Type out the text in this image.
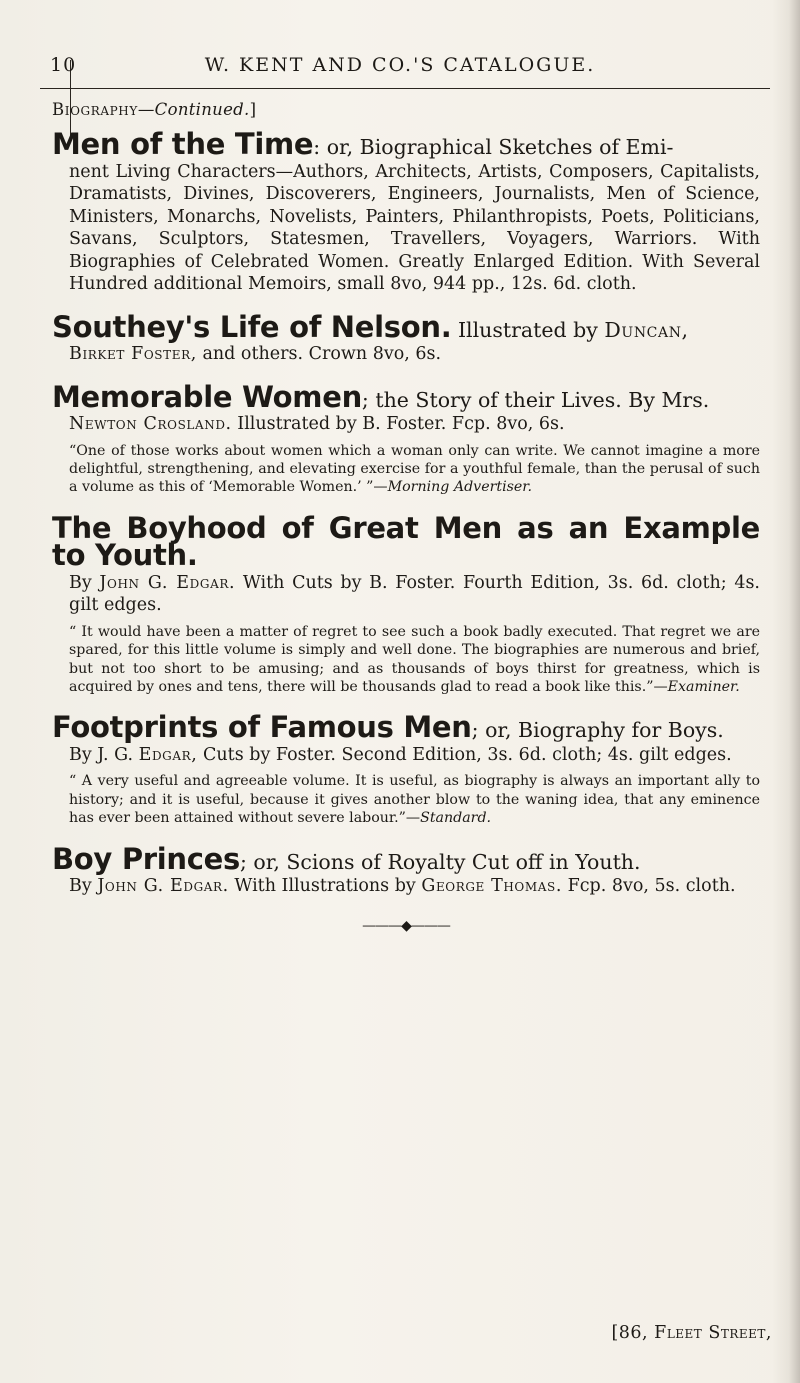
10	W. KENT AND CO.'S CATALOGUE.

Biography—Continued.]

Men of the Time: or, Biographical Sketches of Emi-

nent Living Characters—Authors, Architects, Artists, Composers, Capitalists, Dramatists, Divines, Discoverers, Engineers, Journalists, Men of Science, Ministers, Monarchs, Novelists, Painters, Philanthropists, Poets, Politicians, Savans, Sculptors, Statesmen, Travellers, Voyagers, Warriors. With Biographies of Celebrated Women. Greatly Enlarged Edition. With Several Hundred additional Memoirs, small 8vo, 944 pp., 12s. 6d. cloth.

Southey's Life of Nelson. Illustrated by Duncan,

Birket Foster, and others. Crown 8vo, 6s.

Memorable Women; the Story of their Lives. By Mrs.

Newton Crosland. Illustrated by B. Foster. Fcp. 8vo, 6s.

“One of those works about women which a woman only can write. We cannot imagine a more delightful, strengthening, and elevating exercise for a youthful female, than the perusal of such a volume as this of ‘Memorable Women.’ ”—Morning Advertiser.

The Boyhood of Great Men as an Example to Youth.

By John G. Edgar. With Cuts by B. Foster. Fourth Edition, 3s. 6d. cloth; 4s. gilt edges.

“ It would have been a matter of regret to see such a book badly executed. That regret we are spared, for this little volume is simply and well done. The biographies are numerous and brief, but not too short to be amusing; and as thousands of boys thirst for greatness, which is acquired by ones and tens, there will be thousands glad to read a book like this.”—Examiner.

Footprints of Famous Men; or, Biography for Boys.

By J. G. Edgar, Cuts by Foster. Second Edition, 3s. 6d. cloth; 4s. gilt edges.

“ A very useful and agreeable volume. It is useful, as biography is always an important ally to history; and it is useful, because it gives another blow to the waning idea, that any eminence has ever been attained without severe labour.”—Standard.

Boy Princes; or, Scions of Royalty Cut off in Youth.

By John G. Edgar. With Illustrations by George Thomas. Fcp. 8vo, 5s. cloth.

———◆———
[86, Fleet Street,
